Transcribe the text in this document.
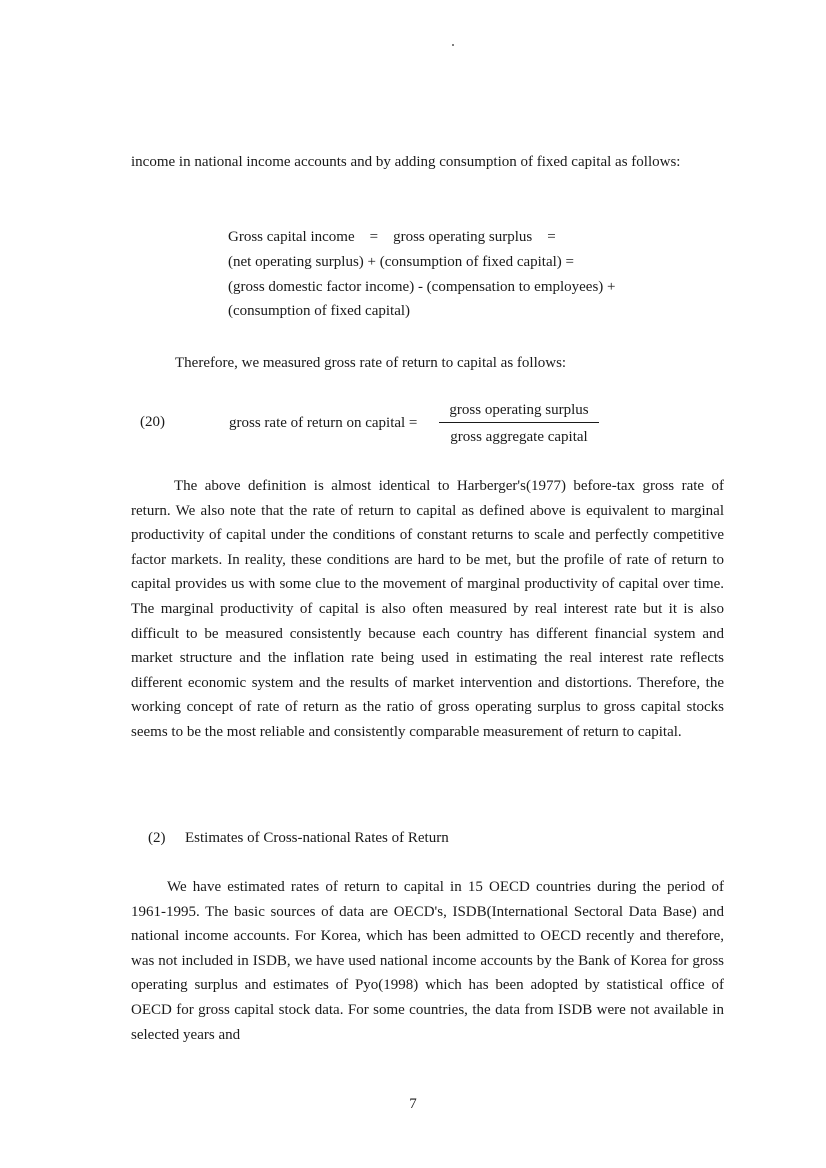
income in national income accounts and by adding consumption of fixed capital as follows:

Gross capital income    =    gross operating surplus    =

(net operating surplus) + (consumption of fixed capital) =

(gross domestic factor income) - (compensation to employees) +

(consumption of fixed capital)

Therefore, we measured gross rate of return to capital as follows:

(20)	gross rate of return on capital =
gross operating surplus
gross aggregate capital

The above definition is almost identical to Harberger's(1977) before-tax gross rate of return. We also note that the rate of return to capital as defined above is equivalent to marginal productivity of capital under the conditions of constant returns to scale and perfectly competitive factor markets. In reality, these conditions are hard to be met, but the profile of rate of return to capital provides us with some clue to the movement of marginal productivity of capital over time. The marginal productivity of capital is also often measured by real interest rate but it is also difficult to be measured consistently because each country has different financial system and market structure and the inflation rate being used in estimating the real interest rate reflects different economic system and the results of market intervention and distortions. Therefore, the working concept of rate of return as the ratio of gross operating surplus to gross capital stocks seems to be the most reliable and consistently comparable measurement of return to capital.

(2) Estimates of Cross-national Rates of Return

We have estimated rates of return to capital in 15 OECD countries during the period of 1961-1995. The basic sources of data are OECD's, ISDB(International Sectoral Data Base) and national income accounts. For Korea, which has been admitted to OECD recently and therefore, was not included in ISDB, we have used national income accounts by the Bank of Korea for gross operating surplus and estimates of Pyo(1998) which has been adopted by statistical office of OECD for gross capital stock data. For some countries, the data from ISDB were not available in selected years and

7
